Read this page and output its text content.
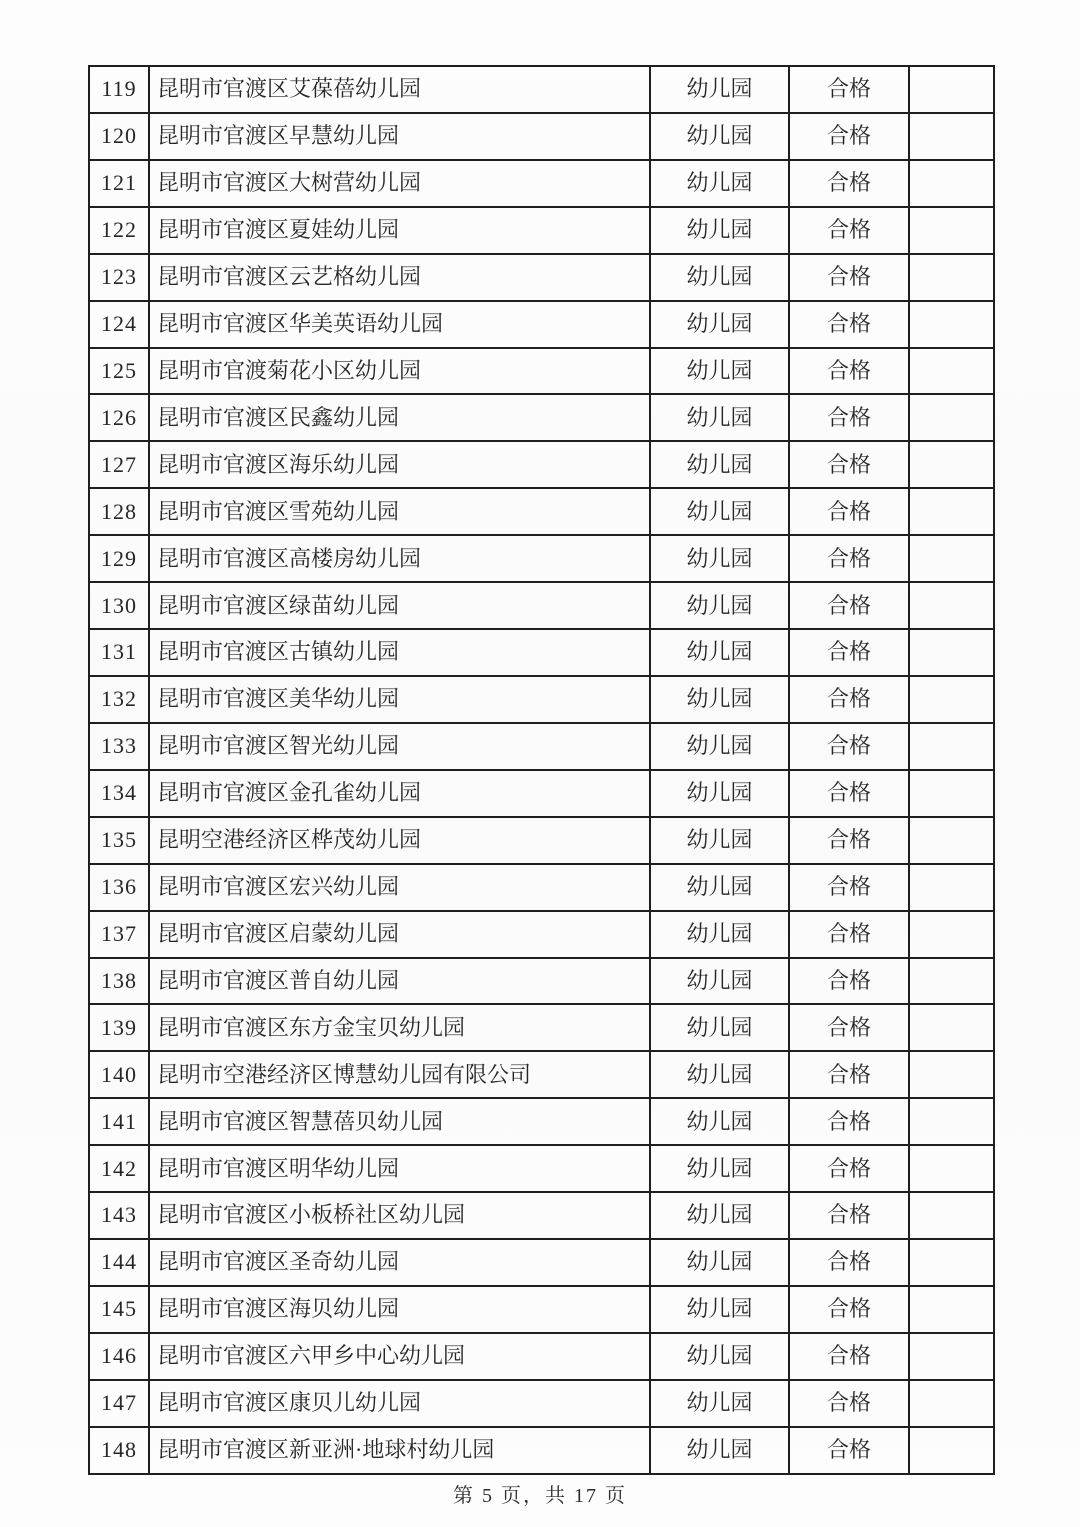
119	昆明市官渡区艾葆蓓幼儿园	幼儿园	合格	
120	昆明市官渡区早慧幼儿园	幼儿园	合格	
121	昆明市官渡区大树营幼儿园	幼儿园	合格	
122	昆明市官渡区夏娃幼儿园	幼儿园	合格	
123	昆明市官渡区云艺格幼儿园	幼儿园	合格	
124	昆明市官渡区华美英语幼儿园	幼儿园	合格	
125	昆明市官渡菊花小区幼儿园	幼儿园	合格	
126	昆明市官渡区民鑫幼儿园	幼儿园	合格	
127	昆明市官渡区海乐幼儿园	幼儿园	合格	
128	昆明市官渡区雪苑幼儿园	幼儿园	合格	
129	昆明市官渡区高楼房幼儿园	幼儿园	合格	
130	昆明市官渡区绿苗幼儿园	幼儿园	合格	
131	昆明市官渡区古镇幼儿园	幼儿园	合格	
132	昆明市官渡区美华幼儿园	幼儿园	合格	
133	昆明市官渡区智光幼儿园	幼儿园	合格	
134	昆明市官渡区金孔雀幼儿园	幼儿园	合格	
135	昆明空港经济区桦茂幼儿园	幼儿园	合格	
136	昆明市官渡区宏兴幼儿园	幼儿园	合格	
137	昆明市官渡区启蒙幼儿园	幼儿园	合格	
138	昆明市官渡区普自幼儿园	幼儿园	合格	
139	昆明市官渡区东方金宝贝幼儿园	幼儿园	合格	
140	昆明市空港经济区博慧幼儿园有限公司	幼儿园	合格	
141	昆明市官渡区智慧蓓贝幼儿园	幼儿园	合格	
142	昆明市官渡区明华幼儿园	幼儿园	合格	
143	昆明市官渡区小板桥社区幼儿园	幼儿园	合格	
144	昆明市官渡区圣奇幼儿园	幼儿园	合格	
145	昆明市官渡区海贝幼儿园	幼儿园	合格	
146	昆明市官渡区六甲乡中心幼儿园	幼儿园	合格	
147	昆明市官渡区康贝儿幼儿园	幼儿园	合格	
148	昆明市官渡区新亚洲·地球村幼儿园	幼儿园	合格	
第 5 页，共 17 页
